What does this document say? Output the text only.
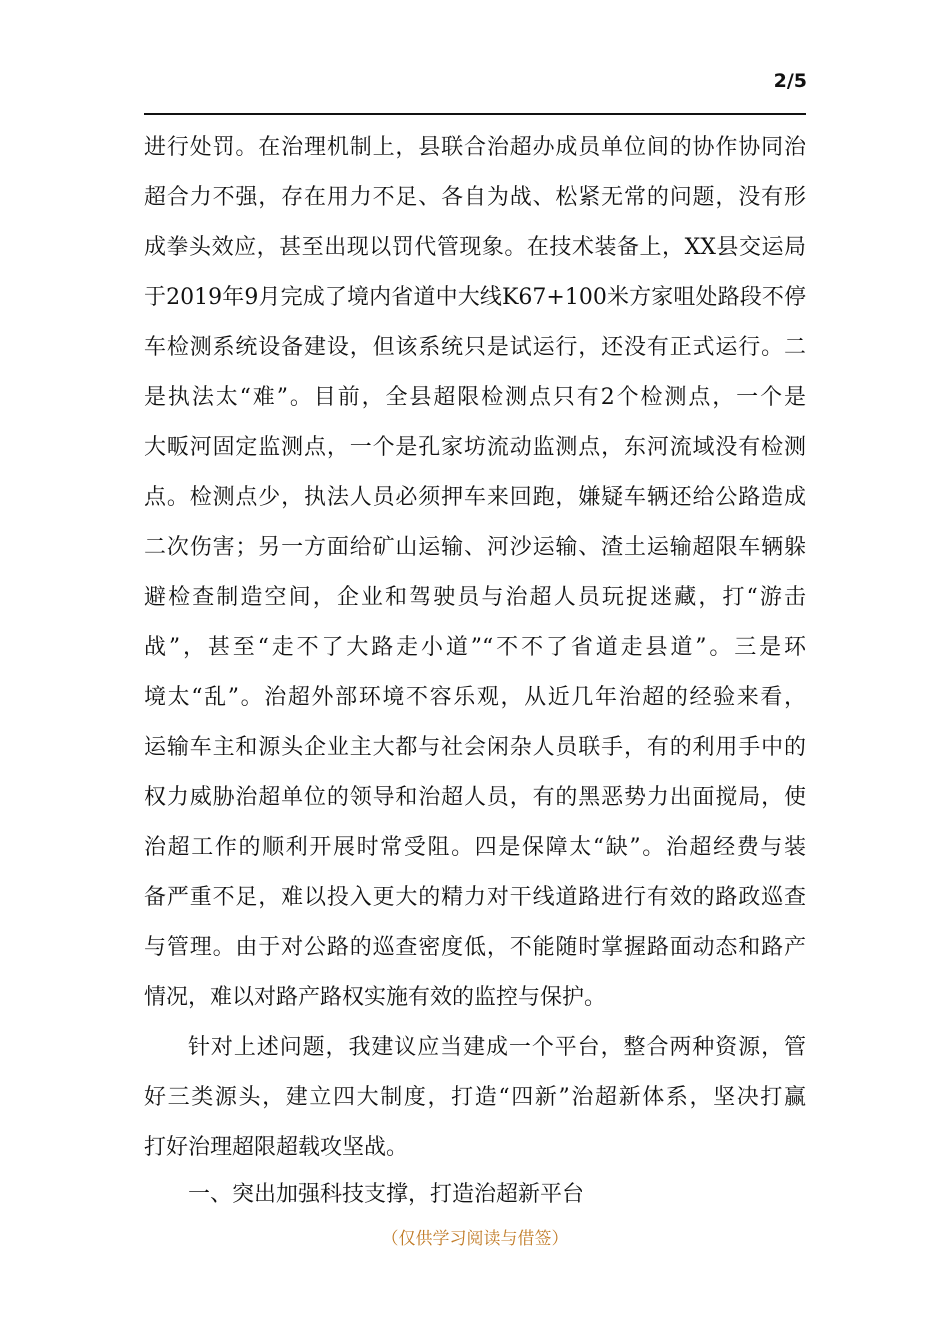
2/5
进行处罚。在治理机制上，县联合治超办成员单位间的协作协同治
超合力不强，存在用力不足、各自为战、松紧无常的问题，没有形
成拳头效应，甚至出现以罚代管现象。在技术装备上，XX县交运局
于2019年9月完成了境内省道中大线K67+100米方家咀处路段不停
车检测系统设备建设，但该系统只是试运行，还没有正式运行。二
是执法太“难”。目前，全县超限检测点只有2个检测点，一个是
大畈河固定监测点，一个是孔家坊流动监测点，东河流域没有检测
点。检测点少，执法人员必须押车来回跑，嫌疑车辆还给公路造成
二次伤害；另一方面给矿山运输、河沙运输、渣土运输超限车辆躲
避检查制造空间，企业和驾驶员与治超人员玩捉迷藏，打“游击
战”，甚至“走不了大路走小道”“不不了省道走县道”。三是环
境太“乱”。治超外部环境不容乐观，从近几年治超的经验来看，
运输车主和源头企业主大都与社会闲杂人员联手，有的利用手中的
权力威胁治超单位的领导和治超人员，有的黑恶势力出面搅局，使
治超工作的顺利开展时常受阻。四是保障太“缺”。治超经费与装
备严重不足，难以投入更大的精力对干线道路进行有效的路政巡查
与管理。由于对公路的巡查密度低，不能随时掌握路面动态和路产
情况，难以对路产路权实施有效的监控与保护。
针对上述问题，我建议应当建成一个平台，整合两种资源，管
好三类源头，建立四大制度，打造“四新”治超新体系，坚决打赢
打好治理超限超载攻坚战。
一、突出加强科技支撑，打造治超新平台
（仅供学习阅读与借签）
